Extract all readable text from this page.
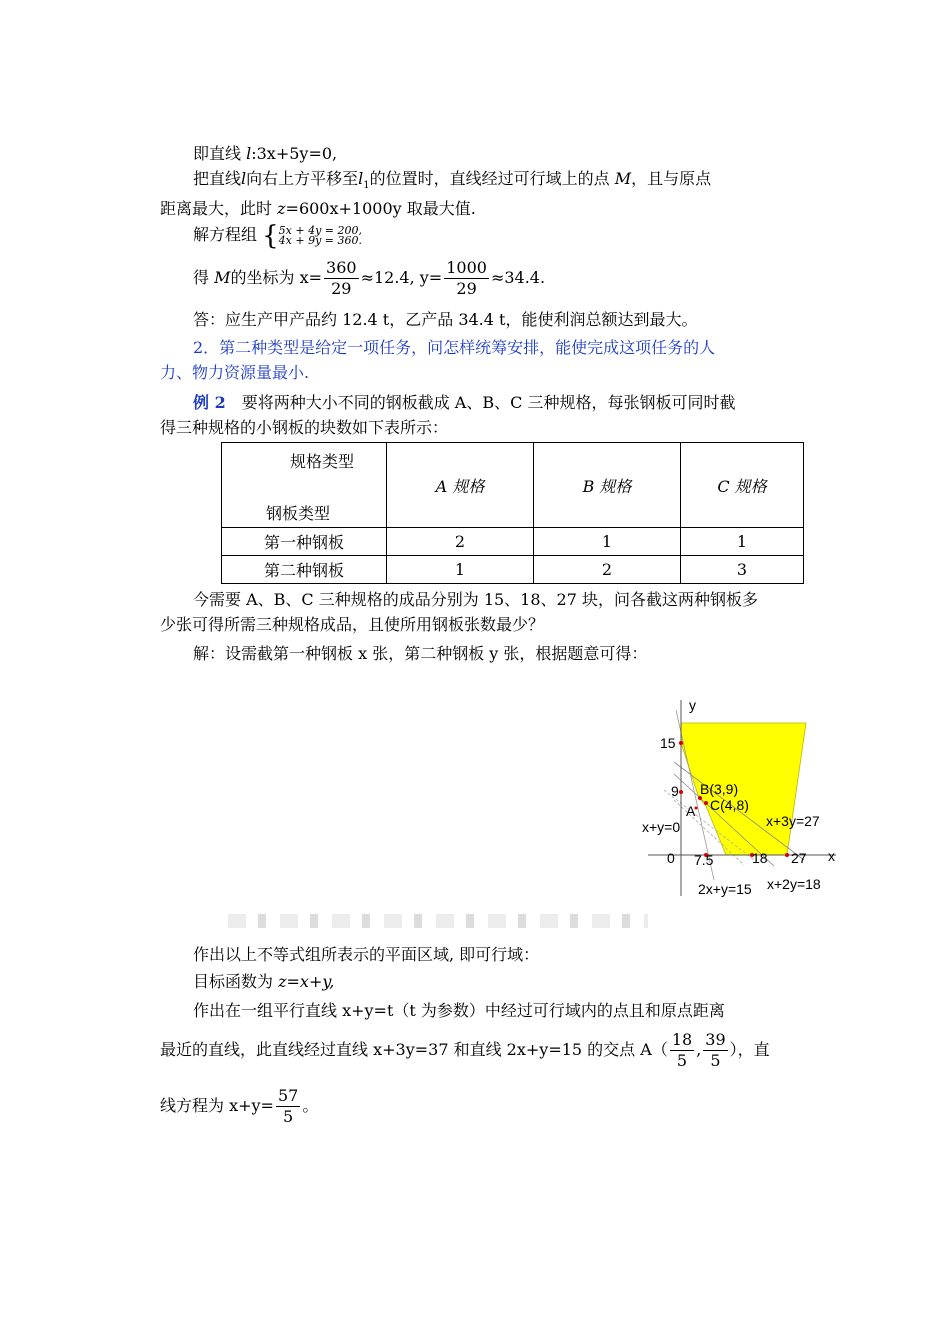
即直线 l:3x+5y=0,
把直线l向右上方平移至$l_1$的位置时，直线经过可行域上的点 M，且与原点
距离最大，此时 z=600x+1000y 取最大值.
解方程组 {5x + 4y = 200,
4x + 9y = 360.
得 M的坐标为 $x= \frac{360}{29} \approx 12.4$, $y= \frac{1000}{29} \approx 34.4$.
答：应生产甲产品约 12.4 t，乙产品 34.4 t，能使利润总额达到最大。
2．第二种类型是给定一项任务，问怎样统筹安排，能使完成这项任务的人
力、物力资源量最小.
例 2　要将两种大小不同的钢板截成 A、B、C 三种规格，每张钢板可同时截
得三种规格的小钢板的块数如下表所示：
规格类型
钢板类型	A 规格	B 规格	C 规格
第一种钢板	2	1	1
第二种钢板	1	2	3
今需要 A、B、C 三种规格的成品分别为 15、18、27 块，问各截这两种钢板多
少张可得所需三种规格成品，且使所用钢板张数最少？
解：设需截第一种钢板 x 张，第二种钢板 y 张，根据题意可得：
y
x
15
9 B(3,9)
C(4,8)
A
x+y=0	x+3y=27
0 7.5	18 27
2x+y=15 x+2y=18
作出以上不等式组所表示的平面区域, 即可行域：
目标函数为 z=x+y,
作出在一组平行直线 x+y=t（t 为参数）中经过可行域内的点且和原点距离
最近的直线，此直线经过直线 x+3y=37 和直线 2x+y=15 的交点 $A( \frac{18}{5}$ , $\frac{39}{5}$ ），直
线方程为 $x+y= \frac{57}{5}$ 。
